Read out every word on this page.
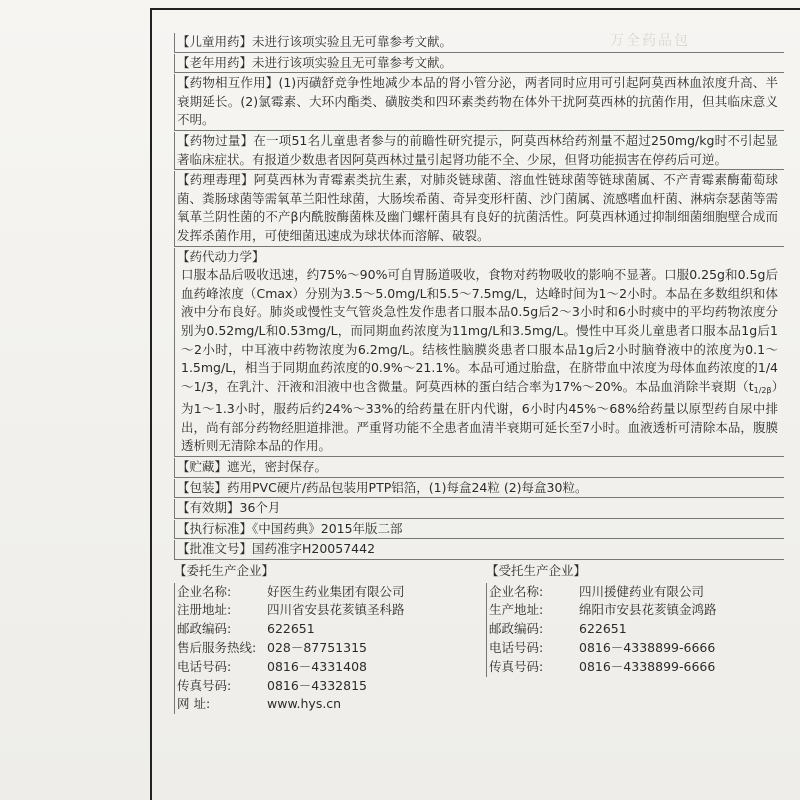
万全药品包
【儿童用药】未进行该项实验且无可靠参考文献。
【老年用药】未进行该项实验且无可靠参考文献。
【药物相互作用】(1)丙磺舒竞争性地减少本品的肾小管分泌，两者同时应用可引起阿莫西林血浓度升高、半衰期延长。(2)氯霉素、大环内酯类、磺胺类和四环素类药物在体外干扰阿莫西林的抗菌作用，但其临床意义不明。
【药物过量】在一项51名儿童患者参与的前瞻性研究提示，阿莫西林给药剂量不超过250mg/kg时不引起显著临床症状。有报道少数患者因阿莫西林过量引起肾功能不全、少尿，但肾功能损害在停药后可逆。
【药理毒理】阿莫西林为青霉素类抗生素，对肺炎链球菌、溶血性链球菌等链球菌属、不产青霉素酶葡萄球菌、粪肠球菌等需氧革兰阳性球菌，大肠埃希菌、奇异变形杆菌、沙门菌属、流感嗜血杆菌、淋病奈瑟菌等需氧革兰阴性菌的不产β内酰胺酶菌株及幽门螺杆菌具有良好的抗菌活性。阿莫西林通过抑制细菌细胞壁合成而发挥杀菌作用，可使细菌迅速成为球状体而溶解、破裂。
【药代动力学】
口服本品后吸收迅速，约75%～90%可自胃肠道吸收，食物对药物吸收的影响不显著。口服0.25g和0.5g后血药峰浓度（Cmax）分别为3.5～5.0mg/L和5.5～7.5mg/L，达峰时间为1～2小时。本品在多数组织和体液中分布良好。肺炎或慢性支气管炎急性发作患者口服本品0.5g后2～3小时和6小时痰中的平均药物浓度分别为0.52mg/L和0.53mg/L，而同期血药浓度为11mg/L和3.5mg/L。慢性中耳炎儿童患者口服本品1g后1～2小时，中耳液中药物浓度为6.2mg/L。结核性脑膜炎患者口服本品1g后2小时脑脊液中的浓度为0.1～1.5mg/L，相当于同期血药浓度的0.9%～21.1%。本品可通过胎盘，在脐带血中浓度为母体血药浓度的1/4～1/3，在乳汁、汗液和泪液中也含微量。阿莫西林的蛋白结合率为17%～20%。本品血消除半衰期$(t_{1/2\beta})$为1～1.3小时，服药后约24%～33%的给药量在肝内代谢，6小时内45%～68%给药量以原型药自尿中排出，尚有部分药物经胆道排泄。严重肾功能不全患者血清半衰期可延长至7小时。血液透析可清除本品，腹膜透析则无清除本品的作用。
【贮藏】遮光，密封保存。
【包装】药用PVC硬片/药品包装用PTP铝箔，(1)每盒24粒 (2)每盒30粒。
【有效期】36个月
【执行标准】《中国药典》2015年版二部
【批准文号】国药准字H20057442
【委托生产企业】
企业名称:	好医生药业集团有限公司
注册地址:	四川省安县花荄镇圣科路
邮政编码:	622651
售后服务热线: 028－87751315
电话号码:	0816－4331408
传真号码:	0816－4332815
网 址:	www.hys.cn
【受托生产企业】
企业名称:	四川援健药业有限公司
生产地址:	绵阳市安县花荄镇金鸿路
邮政编码:	622651
电话号码:	0816－4338899-6666
传真号码:	0816－4338899-6666
